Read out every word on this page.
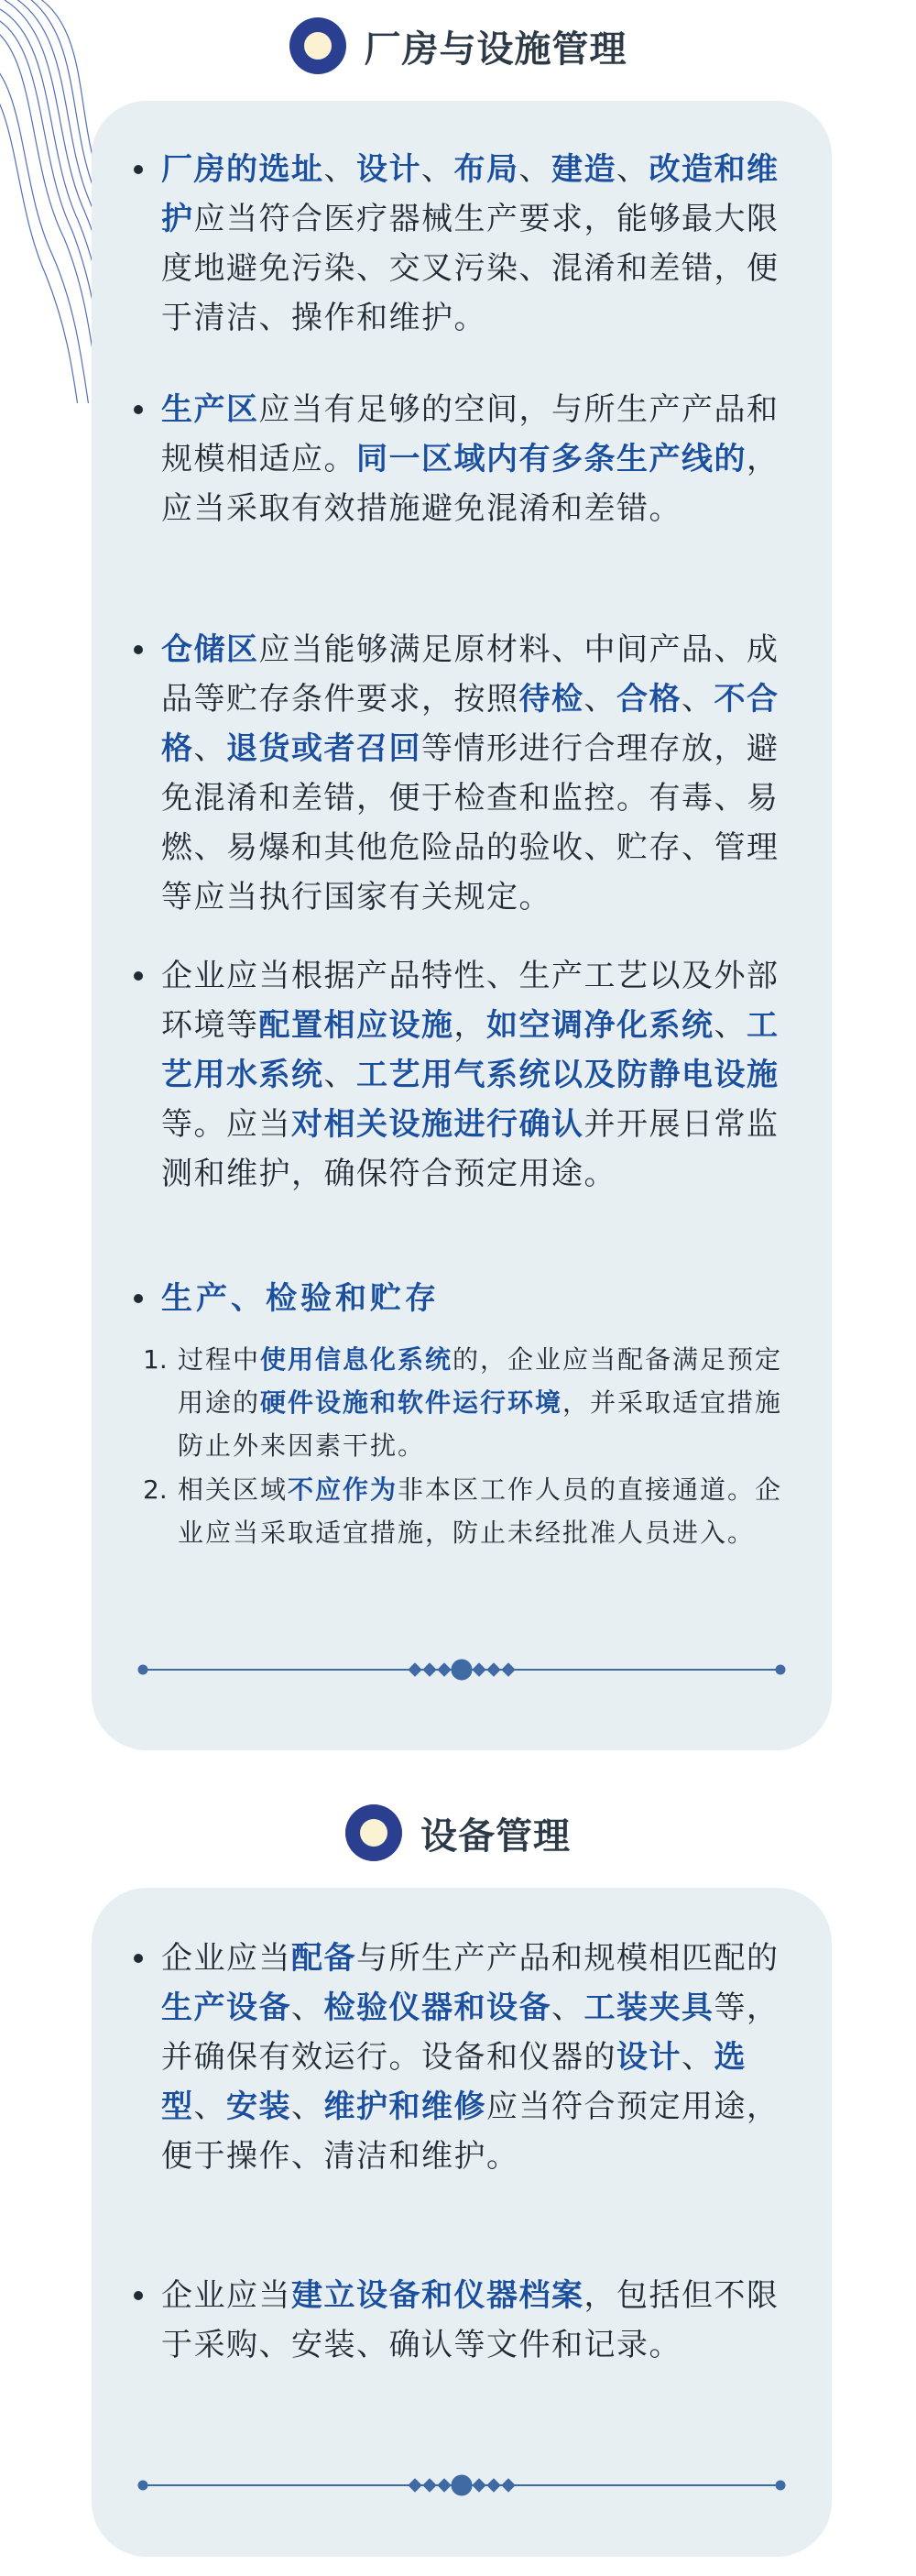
厂房与设施管理

厂房的选址、设计、布局、建造、改造和维护应当符合医疗器械生产要求，能够最大限度地避免污染、交叉污染、混淆和差错，便于清洁、操作和维护。

生产区应当有足够的空间，与所生产产品和规模相适应。同一区域内有多条生产线的，应当采取有效措施避免混淆和差错。

仓储区应当能够满足原材料、中间产品、成品等贮存条件要求，按照待检、合格、不合格、退货或者召回等情形进行合理存放，避免混淆和差错，便于检查和监控。有毒、易燃、易爆和其他危险品的验收、贮存、管理等应当执行国家有关规定。

企业应当根据产品特性、生产工艺以及外部环境等配置相应设施，如空调净化系统、工艺用水系统、工艺用气系统以及防静电设施等。应当对相关设施进行确认并开展日常监测和维护，确保符合预定用途。

生产、检验和贮存
1. 过程中使用信息化系统的，企业应当配备满足预定用途的硬件设施和软件运行环境，并采取适宜措施防止外来因素干扰。

2. 相关区域不应作为非本区工作人员的直接通道。企业应当采取适宜措施，防止未经批准人员进入。

设备管理

企业应当配备与所生产产品和规模相匹配的生产设备、检验仪器和设备、工装夹具等，并确保有效运行。设备和仪器的设计、选型、安装、维护和维修应当符合预定用途，便于操作、清洁和维护。

企业应当建立设备和仪器档案，包括但不限于采购、安装、确认等文件和记录。
